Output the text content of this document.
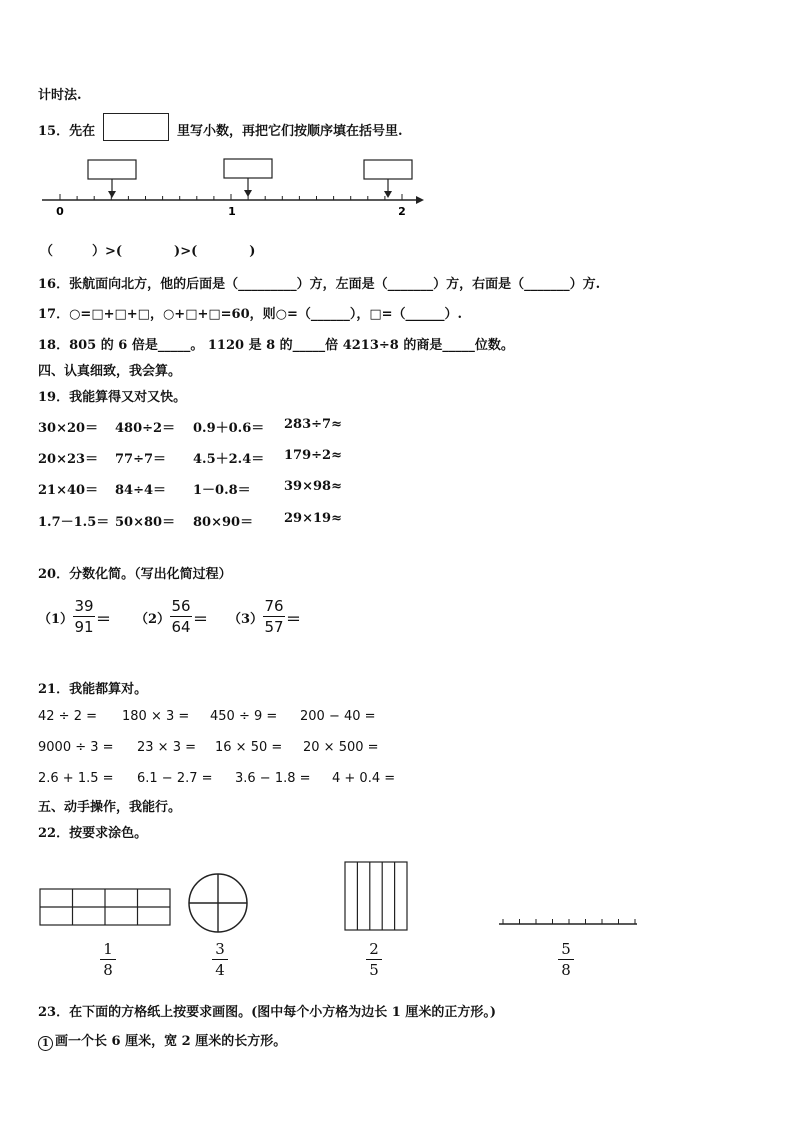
计时法.
15．先在	里写小数，再把它们按顺序填在括号里.
0	1	2
（　　　）>(　　　　)>(　　　　)
16．张航面向北方，他的后面是（_________）方，左面是（_______）方，右面是（_______）方.
17．○=□+□+□，○+□+□=60，则○=（______），□=（______）.
18．805 的 6 倍是_____。 1120 是 8 的_____倍 4213÷8 的商是_____位数。
四、认真细致，我会算。
19．我能算得又对又快。
30×20＝ 480÷2＝ 0.9＋0.6＝ 283÷7≈
20×23＝ 77÷7＝ 4.5＋2.4＝ 179÷2≈
21×40＝ 84÷4＝ 1－0.8＝	39×98≈
1.7－1.5＝ 50×80＝ 80×90＝ 29×19≈
20．分数化简。（写出化简过程）
（1）
39
91 ＝ （2）
56
64 ＝ （3）
76
57 ＝
21．我能都算对。
42 ÷ 2 = 180 × 3 = 450 ÷ 9 = 200 − 40 =
9000 ÷ 3 = 23 × 3 = 16 × 50 = 20 × 500 =
2.6 + 1.5 = 6.1 − 2.7 = 3.6 − 1.8 = 4 + 0.4 =
五、动手操作，我能行。
22．按要求涂色。
1
8
3
4
2
5
5
8
23．在下面的方格纸上按要求画图。(图中每个小方格为边长 1 厘米的正方形。)
1 画一个长 6 厘米，宽 2 厘米的长方形。
